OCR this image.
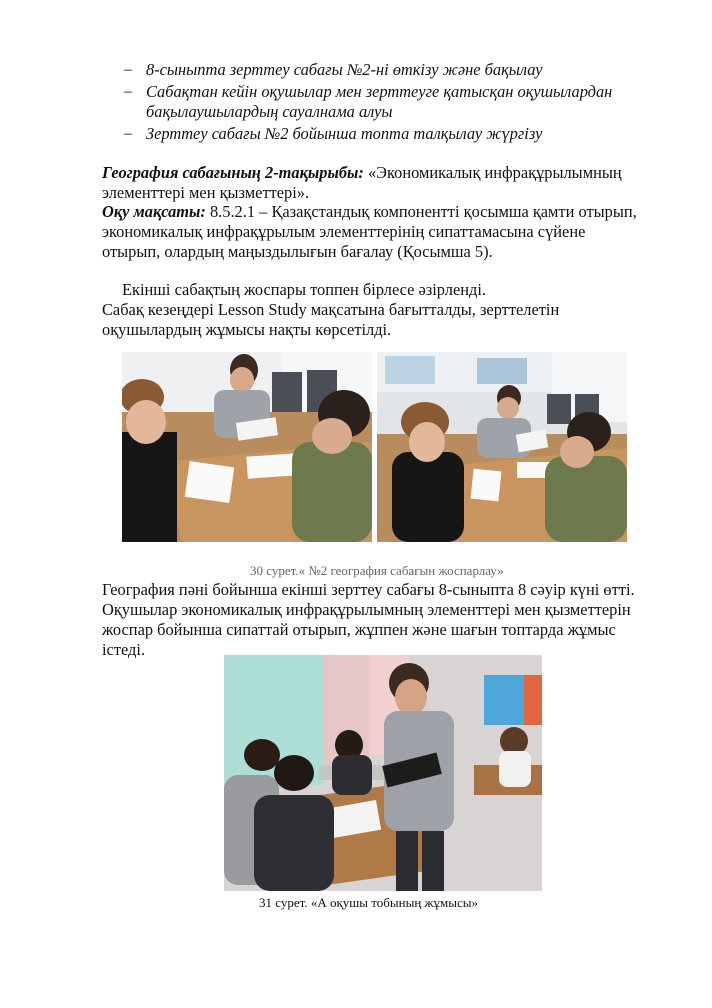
– 8-сыныпта зерттеу сабағы №2-ні өткізу және бақылау
– Сабақтан кейін оқушылар мен зерттеуге қатысқан оқушылардан
бақылаушылардың сауалнама алуы
– Зерттеу сабағы №2 бойынша топта талқылау жүргізу
География сабағының 2-тақырыбы: «Экономикалық инфрақұрылымның
элементтері мен қызметтері».
Оқу мақсаты: 8.5.2.1 – Қазақстандық компонентті қосымша қамти отырып,
экономикалық инфрақұрылым элементтерінің сипаттамасына сүйене
отырып, олардың маңыздылығын бағалау (Қосымша 5).
Екінші сабақтың жоспары топпен бірлесе әзірленді.
Сабақ кезеңдері Lesson Study мақсатына бағытталды, зерттелетін
оқушылардың жұмысы нақты көрсетілді.
30 сурет.« №2 география сабағын жоспарлау»
География пәні бойынша екінші зерттеу сабағы 8-сыныпта 8 сәуір күні өтті.
Оқушылар экономикалық инфрақұрылымның элементтері мен қызметтерін
жоспар бойынша сипаттай отырып, жұппен және шағын топтарда жұмыс
істеді.
31 сурет. «А оқушы тобының жұмысы»
